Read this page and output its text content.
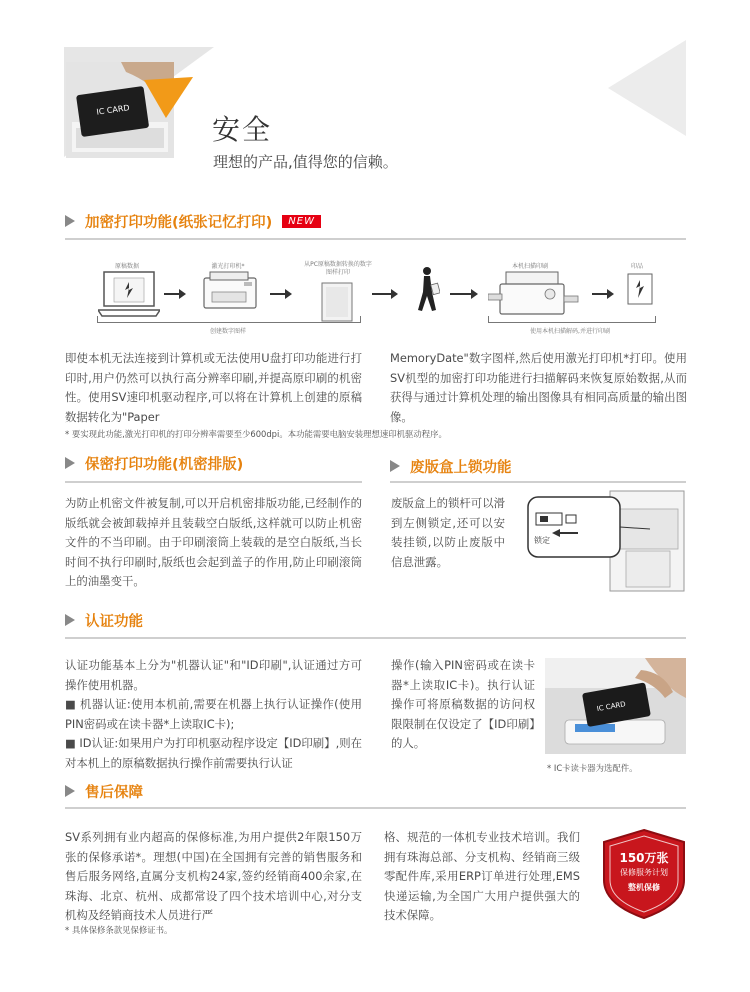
IC CARD
安全
理想的产品,值得您的信赖。
加密打印功能(纸张记忆打印)	NEW
原稿数据	激光打印机*	从PC原稿数据转换的数字图样打印
本机扫描印刷	印品
创建数字图样	使用本机扫描解码,并进行印刷
即使本机无法连接到计算机或无法使用U盘打印功能进行打印时,用户仍然可以执行高分辨率印刷,并提高原印刷的机密性。使用SV速印机驱动程序,可以将在计算机上创建的原稿数据转化为"Paper
MemoryDate"数字图样,然后使用激光打印机*打印。使用SV机型的加密打印功能进行扫描解码来恢复原始数据,从而获得与通过计算机处理的输出图像具有相同高质量的输出图像。
* 要实现此功能,激光打印机的打印分辨率需要至少600dpi。本功能需要电脑安装理想速印机驱动程序。
保密打印功能(机密排版)
为防止机密文件被复制,可以开启机密排版功能,已经制作的版纸就会被卸载掉并且装载空白版纸,这样就可以防止机密文件的不当印刷。由于印刷滚筒上装载的是空白版纸,当长时间不执行印刷时,版纸也会起到盖子的作用,防止印刷滚筒上的油墨变干。
废版盒上锁功能
废版盒上的锁杆可以滑到左侧锁定,还可以安装挂锁,以防止废版中信息泄露。
锁定
认证功能
认证功能基本上分为"机器认证"和"ID印刷",认证通过方可操作使用机器。
■ 机器认证:使用本机前,需要在机器上执行认证操作(使用PIN密码或在读卡器*上读取IC卡);
■ ID认证:如果用户为打印机驱动程序设定【ID印刷】,则在对本机上的原稿数据执行操作前需要执行认证
操作(输入PIN密码或在读卡器*上读取IC卡)。执行认证操作可将原稿数据的访问权限限制在仅设定了【ID印刷】的人。
IC CARD
* IC卡读卡器为选配件。
售后保障
SV系列拥有业内超高的保修标准,为用户提供2年限150万张的保修承诺*。理想(中国)在全国拥有完善的销售服务和售后服务网络,直属分支机构24家,签约经销商400余家,在珠海、北京、杭州、成都常设了四个技术培训中心,对分支机构及经销商技术人员进行严
格、规范的一体机专业技术培训。我们拥有珠海总部、分支机构、经销商三级零配件库,采用ERP订单进行处理,EMS快递运输,为全国广大用户提供强大的技术保障。
* 具体保修条款见保修证书。
150万张
保修服务计划
整机保修
